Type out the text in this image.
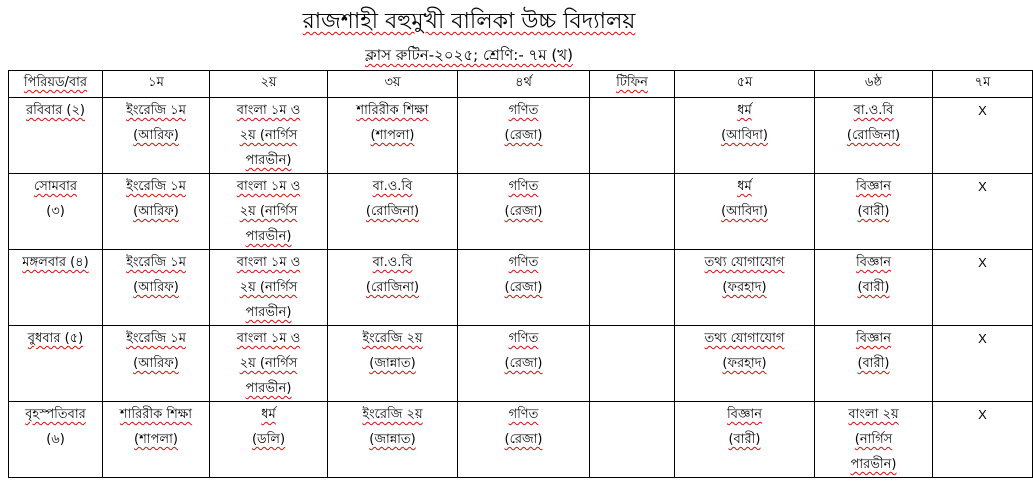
রাজশাহী বহুমুখী বালিকা উচ্চ বিদ্যালয়
ক্লাস রুটিন-২০২৫; শ্রেণি:- ৭ম (খ)
পিরিয়ড/বার	১ম	২য়	৩য়	৪র্থ	টিফিন	৫ম	৬ষ্ঠ	৭ম

রবিবার (২)	ইংরেজি ১ম
(আরিফ)	বাংলা ১ম ও
২য় (নার্গিস
পারভীন)	শারিরীক শিক্ষা
(শাপলা)	গণিত
(রেজা)		ধর্ম
(আবিদা)	বা.ও.বি
(রোজিনা)	X

সোমবার
(৩)	ইংরেজি ১ম
(আরিফ)	বাংলা ১ম ও
২য় (নার্গিস
পারভীন)	বা.ও.বি
(রোজিনা)	গণিত
(রেজা)		ধর্ম
(আবিদা)	বিজ্ঞান
(বারী)	X

মঙ্গলবার (৪)	ইংরেজি ১ম
(আরিফ)	বাংলা ১ম ও
২য় (নার্গিস
পারভীন)	বা.ও.বি
(রোজিনা)	গণিত
(রেজা)		তথ্য যোগাযোগ
(ফরহাদ)	বিজ্ঞান
(বারী)	X

বুধবার (৫)	ইংরেজি ১ম
(আরিফ)	বাংলা ১ম ও
২য় (নার্গিস
পারভীন)	ইংরেজি ২য়
(জান্নাত)	গণিত
(রেজা)		তথ্য যোগাযোগ
(ফরহাদ)	বিজ্ঞান
(বারী)	X

বৃহস্পতিবার
(৬)	শারিরীক শিক্ষা
(শাপলা)	ধর্ম
(ডলি)	ইংরেজি ২য়
(জান্নাত)	গণিত
(রেজা)		বিজ্ঞান
(বারী)	বাংলা ২য়
(নার্গিস
পারভীন)	X
